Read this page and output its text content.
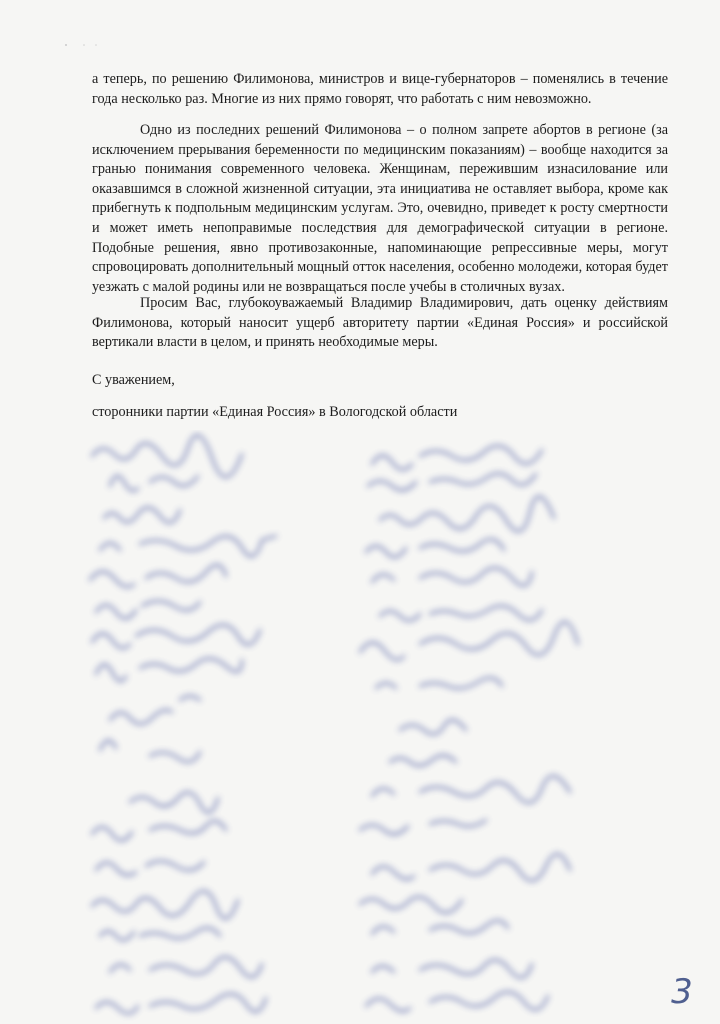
а теперь, по решению Филимонова, министров и вице-губернаторов – поменялись в течение года несколько раз. Многие из них прямо говорят, что работать с ним невозможно.

Одно из последних решений Филимонова – о полном запрете абортов в регионе (за исключением прерывания беременности по медицинским показаниям) – вообще находится за гранью понимания современного человека. Женщинам, пережившим изнасилование или оказавшимся в сложной жизненной ситуации, эта инициатива не оставляет выбора, кроме как прибегнуть к подпольным медицинским услугам. Это, очевидно, приведет к росту смертности и может иметь непоправимые последствия для демографической ситуации в регионе. Подобные решения, явно противозаконные, напоминающие репрессивные меры, могут спровоцировать дополнительный мощный отток населения, особенно молодежи, которая будет уезжать с малой родины или не возвращаться после учебы в столичных вузах.

Просим Вас, глубокоуважаемый Владимир Владимирович, дать оценку действиям Филимонова, который наносит ущерб авторитету партии «Единая Россия» и российской вертикали власти в целом, и принять необходимые меры.

С уважением,

сторонники партии «Единая Россия» в Вологодской области

3
